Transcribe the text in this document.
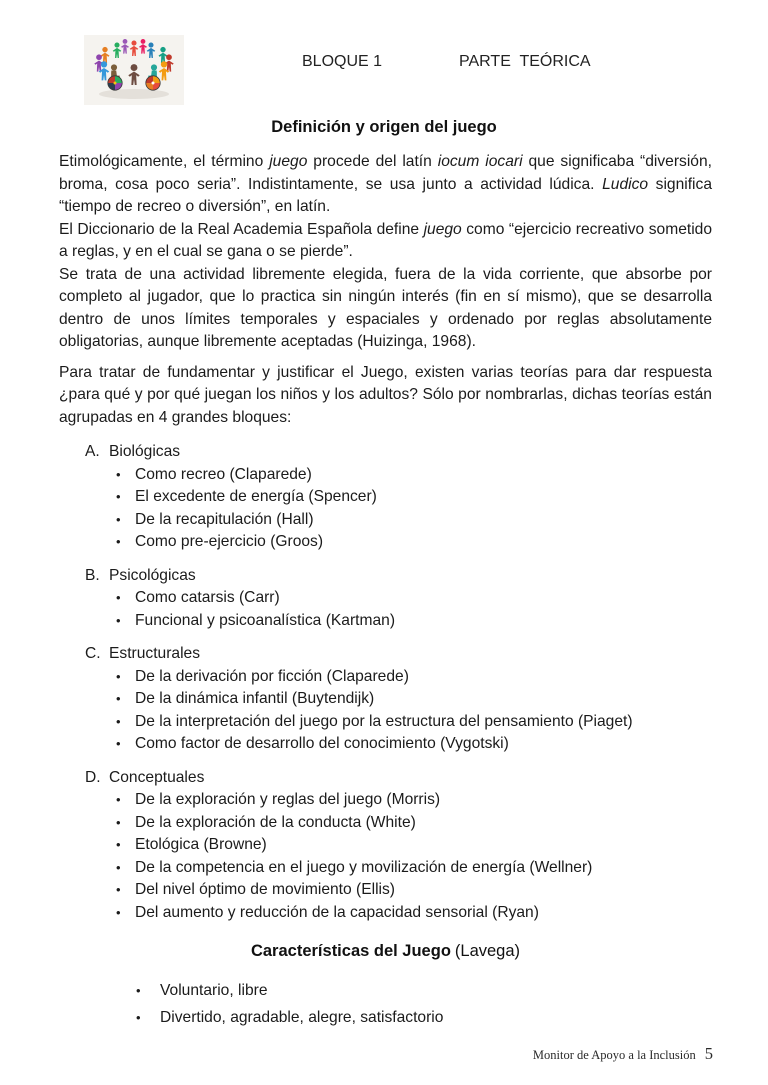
BLOQUE 1	PARTE  TEÓRICA
Definición y origen del juego

Etimológicamente, el término juego procede del latín iocum iocari que significaba “diversión, broma, cosa poco seria”. Indistintamente, se usa junto a actividad lúdica. Ludico significa “tiempo de recreo o diversión”, en latín.

El Diccionario de la Real Academia Española define juego como “ejercicio recreativo sometido a reglas, y en el cual se gana o se pierde”.

Se trata de una actividad libremente elegida, fuera de la vida corriente, que absorbe por completo al jugador, que lo practica sin ningún interés (fin en sí mismo), que se desarrolla dentro de unos límites temporales y espaciales y ordenado por reglas absolutamente obligatorias, aunque libremente aceptadas (Huizinga, 1968).

Para tratar de fundamentar y justificar el Juego, existen varias teorías para dar respuesta ¿para qué y por qué juegan los niños y los adultos? Sólo por nombrarlas, dichas teorías están agrupadas en 4 grandes bloques:

A. Biológicas
• Como recreo (Claparede)
• El excedente de energía (Spencer)
• De la recapitulación (Hall)
• Como pre-ejercicio (Groos)
B. Psicológicas
• Como catarsis (Carr)
• Funcional y psicoanalística (Kartman)
C. Estructurales
• De la derivación por ficción (Claparede)
• De la dinámica infantil (Buytendijk)
• De la interpretación del juego por la estructura del pensamiento (Piaget)
• Como factor de desarrollo del conocimiento (Vygotski)
D. Conceptuales
• De la exploración y reglas del juego (Morris)
• De la exploración de la conducta (White)
• Etológica (Browne)
• De la competencia en el juego y movilización de energía (Wellner)
• Del nivel óptimo de movimiento (Ellis)
• Del aumento y reducción de la capacidad sensorial (Ryan)
Características del Juego (Lavega)
• Voluntario, libre
• Divertido, agradable, alegre, satisfactorio
Monitor de Apoyo a la Inclusión 5
